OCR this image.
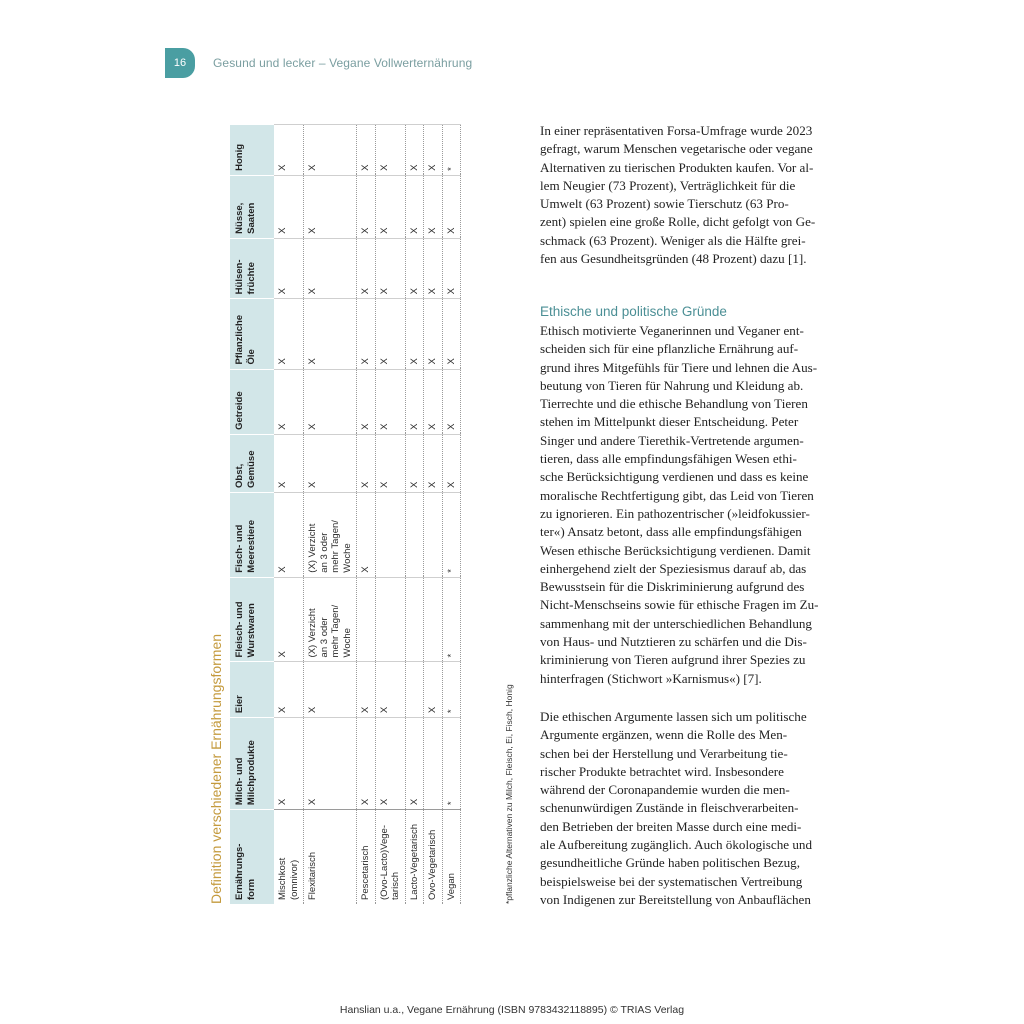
16 Gesund und lecker – Vegane Vollwerternährung
Definition verschiedener Ernährungsformen	Ernährungs-
form	Milch- und
Milchprodukte	Eier	Fleisch- und
Wurstwaren	Fisch- und
Meerestiere	Obst,
Gemüse	Getreide	Pflanzliche
Öle	Hülsen-
früchte	Nüsse,
Saaten	Honig
Mischkost
(omnivor)	X	X	X	X	X	X	X	X	X	X
Flexitarisch	X	X	(X) Verzicht
an 3 oder
mehr Tagen/
Woche	(X) Verzicht
an 3 oder
mehr Tagen/
Woche	X	X	X	X	X	X
Pescetarisch	X	X		X	X	X	X	X	X	X
(Ovo-Lacto)Vege-
tarisch	X	X			X	X	X	X	X	X
Lacto-Vegetarisch	X				X	X	X	X	X	X
Ovo-Vegetarisch		X			X	X	X	X	X	X
Vegan	*	*	*	*	X	X	X	X	X	*
*pflanzliche Alternativen zu Milch, Fleisch, Ei, Fisch, Honig

In einer repräsentativen Forsa-Umfrage wurde 2023
gefragt, warum Menschen vegetarische oder vegane
Alternativen zu tierischen Produkten kaufen. Vor al-
lem Neugier (73 Prozent), Verträglichkeit für die
Umwelt (63 Prozent) sowie Tierschutz (63 Pro-
zent) spielen eine große Rolle, dicht gefolgt von Ge-
schmack (63 Prozent). Weniger als die Hälfte grei-
fen aus Gesundheitsgründen (48 Prozent) dazu [1].

Ethische und politische Gründe

Ethisch motivierte Veganerinnen und Veganer ent-
scheiden sich für eine pflanzliche Ernährung auf-
grund ihres Mitgefühls für Tiere und lehnen die Aus-
beutung von Tieren für Nahrung und Kleidung ab.
Tierrechte und die ethische Behandlung von Tieren
stehen im Mittelpunkt dieser Entscheidung. Peter
Singer und andere Tierethik-Vertretende argumen-
tieren, dass alle empfindungsfähigen Wesen ethi-
sche Berücksichtigung verdienen und dass es keine
moralische Rechtfertigung gibt, das Leid von Tieren
zu ignorieren. Ein pathozentrischer (»leidfokussier-
ter«) Ansatz betont, dass alle empfindungsfähigen
Wesen ethische Berücksichtigung verdienen. Damit
einhergehend zielt der Speziesismus darauf ab, das
Bewusstsein für die Diskriminierung aufgrund des
Nicht-Menschseins sowie für ethische Fragen im Zu-
sammenhang mit der unterschiedlichen Behandlung
von Haus- und Nutztieren zu schärfen und die Dis-
kriminierung von Tieren aufgrund ihrer Spezies zu
hinterfragen (Stichwort »Karnismus«) [7].

Die ethischen Argumente lassen sich um politische
Argumente ergänzen, wenn die Rolle des Men-
schen bei der Herstellung und Verarbeitung tie-
rischer Produkte betrachtet wird. Insbesondere
während der Coronapandemie wurden die men-
schenunwürdigen Zustände in fleischverarbeiten-
den Betrieben der breiten Masse durch eine medi-
ale Aufbereitung zugänglich. Auch ökologische und
gesundheitliche Gründe haben politischen Bezug,
beispielsweise bei der systematischen Vertreibung
von Indigenen zur Bereitstellung von Anbauflächen

Hanslian u.a., Vegane Ernährung (ISBN 9783432118895) © TRIAS Verlag
